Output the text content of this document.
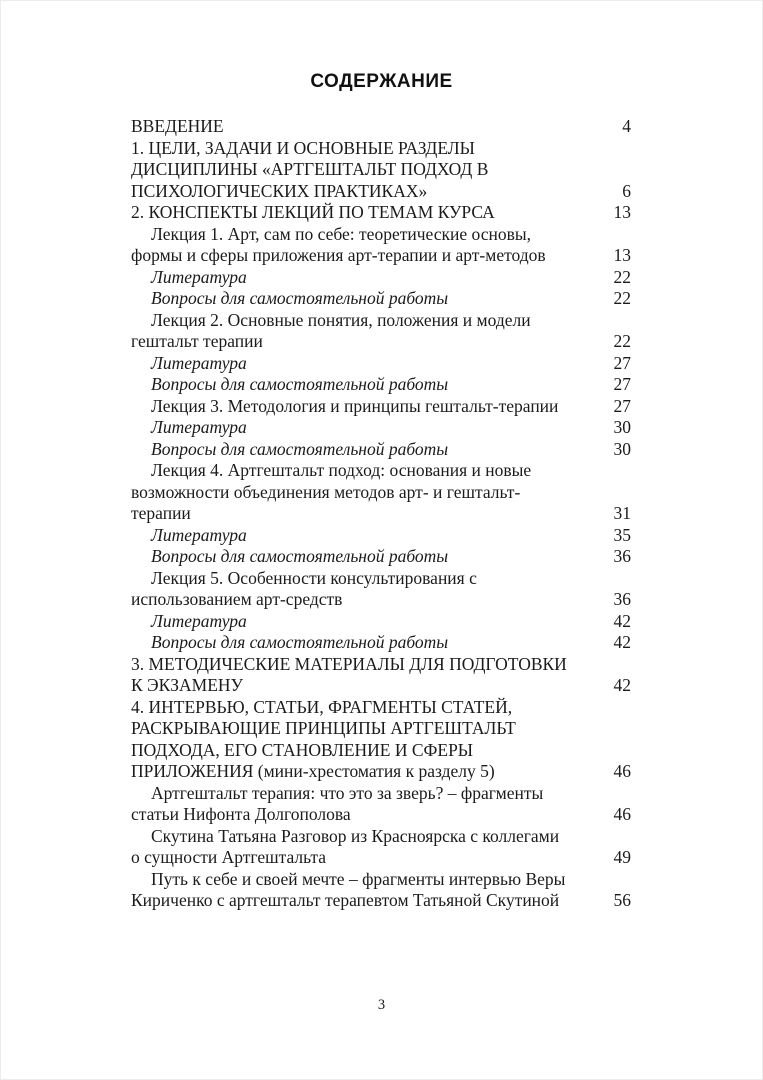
СОДЕРЖАНИЕ
ВВЕДЕНИЕ	4
1. ЦЕЛИ, ЗАДАЧИ И ОСНОВНЫЕ РАЗДЕЛЫ
ДИСЦИПЛИНЫ «АРТГЕШТАЛЬТ ПОДХОД В
ПСИХОЛОГИЧЕСКИХ ПРАКТИКАХ»	6
2. КОНСПЕКТЫ ЛЕКЦИЙ ПО ТЕМАМ КУРСА	13
Лекция 1. Арт, сам по себе: теоретические основы,
формы и сферы приложения арт-терапии и арт-методов	13
Литература	22
Вопросы для самостоятельной работы	22
Лекция 2. Основные понятия, положения и модели
гештальт терапии	22
Литература	27
Вопросы для самостоятельной работы	27
Лекция 3. Методология и принципы гештальт-терапии	27
Литература	30
Вопросы для самостоятельной работы	30
Лекция 4. Артгештальт подход: основания и новые
возможности объединения методов арт- и гештальт-
терапии	31
Литература	35
Вопросы для самостоятельной работы	36
Лекция 5. Особенности консультирования с
использованием арт-средств	36
Литература	42
Вопросы для самостоятельной работы	42
3. МЕТОДИЧЕСКИЕ МАТЕРИАЛЫ ДЛЯ ПОДГОТОВКИ
К ЭКЗАМЕНУ	42
4. ИНТЕРВЬЮ, СТАТЬИ, ФРАГМЕНТЫ СТАТЕЙ,
РАСКРЫВАЮЩИЕ ПРИНЦИПЫ АРТГЕШТАЛЬТ
ПОДХОДА, ЕГО СТАНОВЛЕНИЕ И СФЕРЫ
ПРИЛОЖЕНИЯ (мини-хрестоматия к разделу 5)	46
Артгештальт терапия: что это за зверь? – фрагменты
статьи Нифонта Долгополова	46
Скутина Татьяна Разговор из Красноярска с коллегами
о сущности Артгештальта	49
Путь к себе и своей мечте – фрагменты интервью Веры
Кириченко с артгештальт терапевтом Татьяной Скутиной	56
3
